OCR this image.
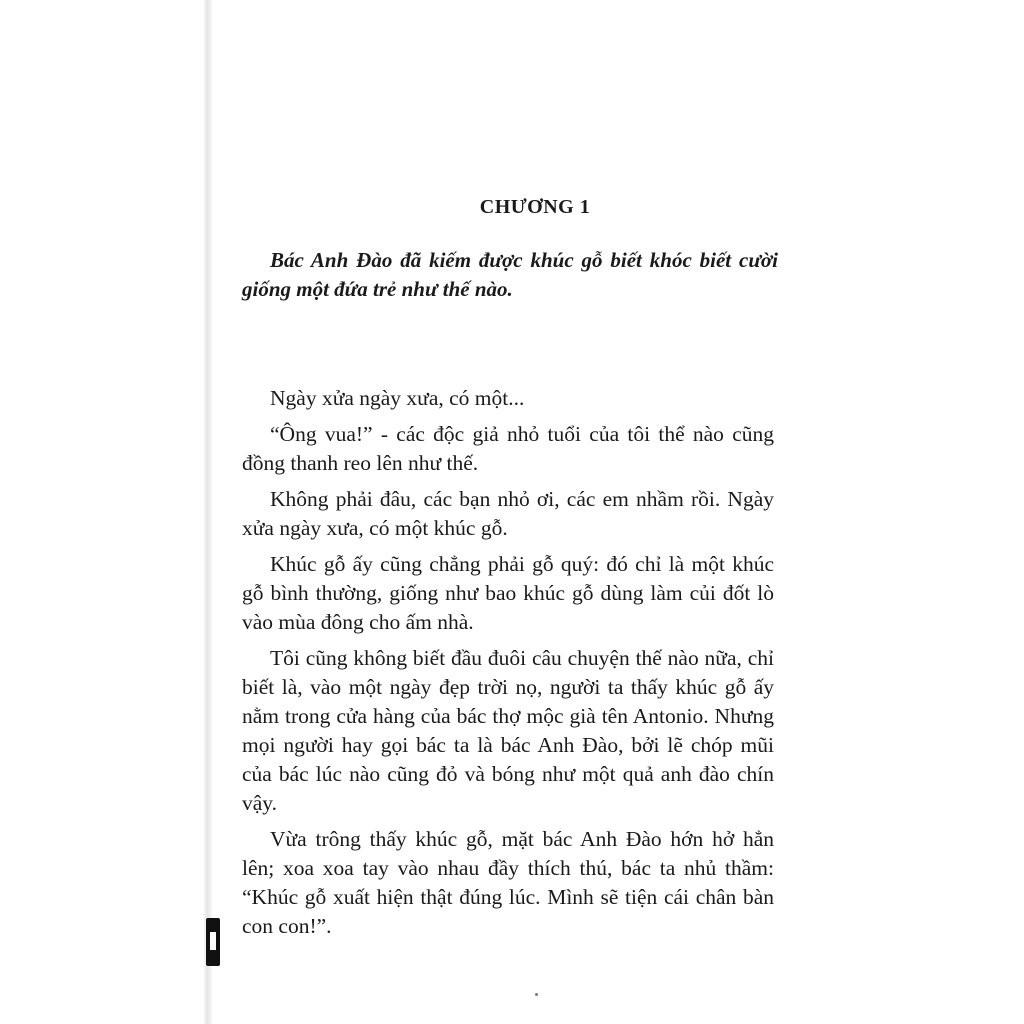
CHƯƠNG 1

Bác Anh Đào đã kiếm được khúc gỗ biết khóc biết cười giống một đứa trẻ như thế nào.

Ngày xửa ngày xưa, có một...

“Ông vua!” - các độc giả nhỏ tuổi của tôi thể nào cũng đồng thanh reo lên như thế.

Không phải đâu, các bạn nhỏ ơi, các em nhầm rồi. Ngày xửa ngày xưa, có một khúc gỗ.

Khúc gỗ ấy cũng chẳng phải gỗ quý: đó chỉ là một khúc gỗ bình thường, giống như bao khúc gỗ dùng làm củi đốt lò vào mùa đông cho ấm nhà.

Tôi cũng không biết đầu đuôi câu chuyện thế nào nữa, chỉ biết là, vào một ngày đẹp trời nọ, người ta thấy khúc gỗ ấy nằm trong cửa hàng của bác thợ mộc già tên Antonio. Nhưng mọi người hay gọi bác ta là bác Anh Đào, bởi lẽ chóp mũi của bác lúc nào cũng đỏ và bóng như một quả anh đào chín vậy.

Vừa trông thấy khúc gỗ, mặt bác Anh Đào hớn hở hẳn lên; xoa xoa tay vào nhau đầy thích thú, bác ta nhủ thầm: “Khúc gỗ xuất hiện thật đúng lúc. Mình sẽ tiện cái chân bàn con con!”.
